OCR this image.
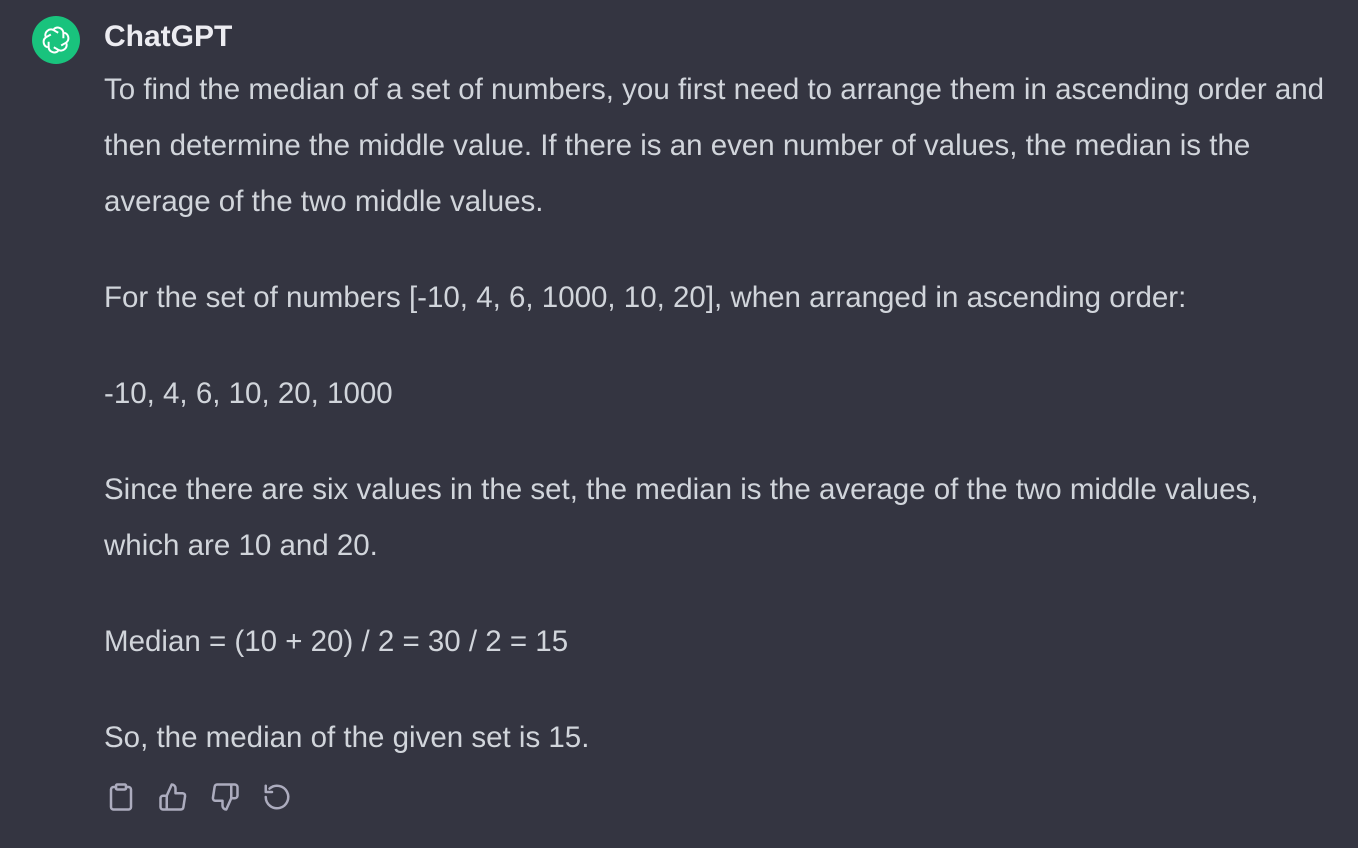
ChatGPT

To find the median of a set of numbers, you first need to arrange them in ascending order and then determine the middle value. If there is an even number of values, the median is the average of the two middle values.

For the set of numbers [-10, 4, 6, 1000, 10, 20], when arranged in ascending order:

-10, 4, 6, 10, 20, 1000

Since there are six values in the set, the median is the average of the two middle values, which are 10 and 20.

Median = (10 + 20) / 2 = 30 / 2 = 15

So, the median of the given set is 15.
